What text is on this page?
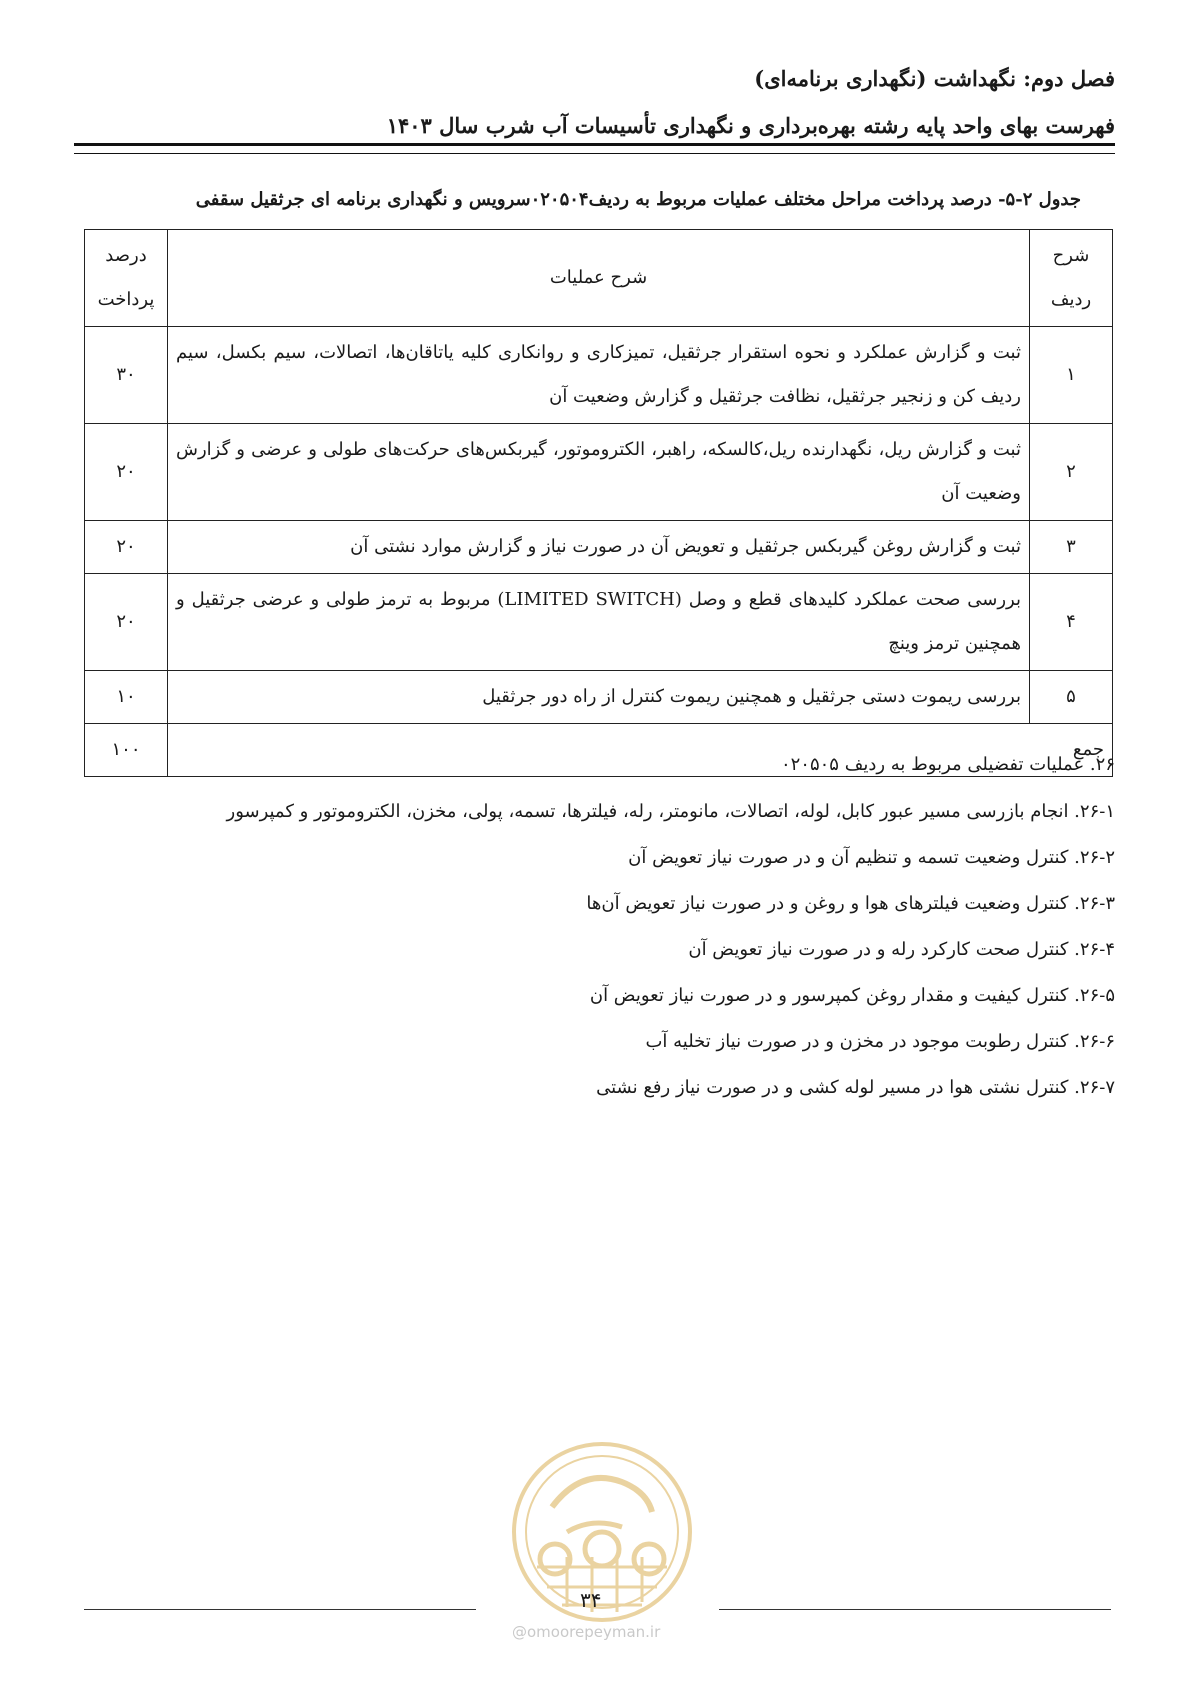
فصل دوم: نگهداشت (نگهداری برنامه‌ای)
فهرست بهای واحد پایه رشته بهره‌برداری و نگهداری تأسیسات آب شرب سال ۱۴۰۳
جدول ۲-۵- درصد پرداخت مراحل مختلف عملیات مربوط به ردیف۰۲۰۵۰۴سرویس و نگهداری برنامه ای جرثقیل سقفی
شرح ردیف	شرح عملیات	درصد پرداخت
۱	ثبت و گزارش عملکرد و نحوه استقرار جرثقیل، تمیزکاری و روانکاری کلیه یاتاقان‌ها، اتصالات، سیم بکسل، سیم ردیف کن و زنجیر جرثقیل، نظافت جرثقیل و گزارش وضعیت آن	۳۰
۲	ثبت و گزارش ریل، نگهدارنده ریل،کالسکه، راهبر، الکتروموتور، گیربکس‌های حرکت‌های طولی و عرضی و گزارش وضعیت آن	۲۰
۳	ثبت و گزارش روغن گیربکس جرثقیل و تعویض آن در صورت نیاز و گزارش موارد نشتی آن	۲۰
۴	بررسی صحت عملکرد کلیدهای قطع و وصل (LIMITED SWITCH) مربوط به ترمز طولی و عرضی جرثقیل و همچنین ترمز وینچ	۲۰
۵	بررسی ریموت دستی جرثقیل و همچنین ریموت کنترل از راه دور جرثقیل	۱۰
جمع		۱۰۰
۲۶. عملیات تفضیلی مربوط به ردیف ۰۲۰۵۰۵
۲۶-۱. انجام بازرسی مسیر عبور کابل، لوله، اتصالات، مانومتر، رله، فیلترها، تسمه، پولی، مخزن، الکتروموتور و کمپرسور
۲۶-۲. کنترل وضعیت تسمه و تنظیم آن و در صورت نیاز تعویض آن
۲۶-۳. کنترل وضعیت فیلترهای هوا و روغن و در صورت نیاز تعویض آن‌ها
۲۶-۴. کنترل صحت کارکرد رله و در صورت نیاز تعویض آن
۲۶-۵. کنترل کیفیت و مقدار روغن کمپرسور و در صورت نیاز تعویض آن
۲۶-۶. کنترل رطوبت موجود در مخزن و در صورت نیاز تخلیه آب
۲۶-۷. کنترل نشتی هوا در مسیر لوله کشی و در صورت نیاز رفع نشتی
۳۴
@omoorepeyman.ir
